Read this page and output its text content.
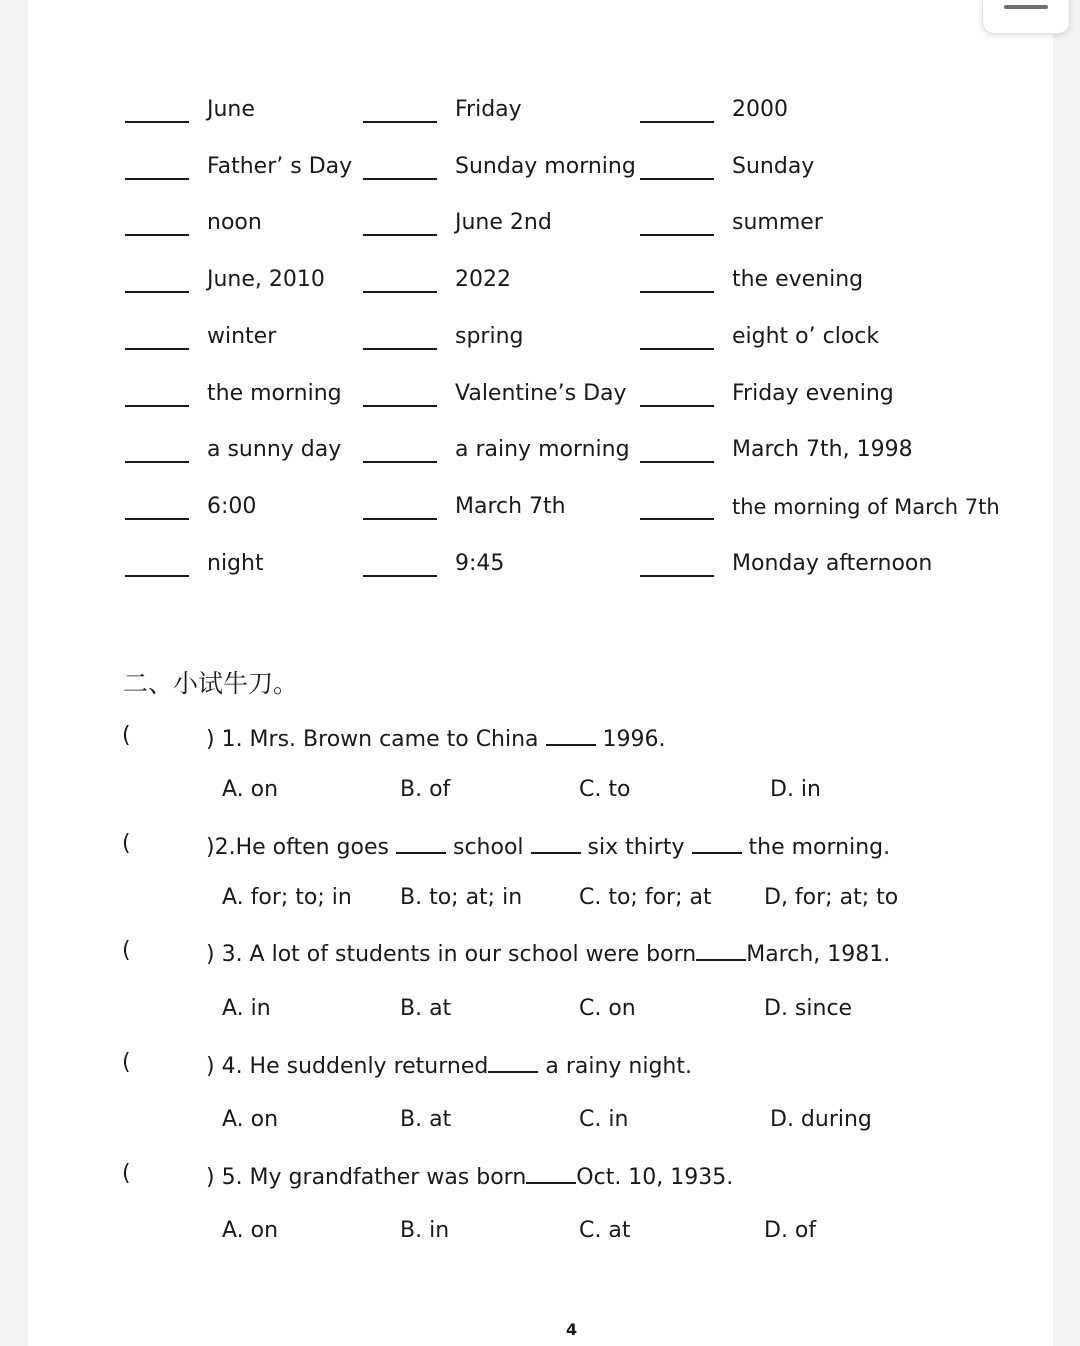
June	Friday	2000
Father’ s Day	Sunday morning	Sunday
noon	June 2nd	summer
June, 2010	2022	the evening
winter	spring	eight o’ clock
the morning	Valentine’s Day	Friday evening
a sunny day	a rainy morning	March 7th, 1998
6:00	March 7th	the morning of March 7th
night	9:45	Monday afternoon
二、小试牛刀。
(	) 1. Mrs. Brown came to China	1996.
A. on	B. of	C. to	D. in
(	)2.He often goes	school	six thirty	the morning.
A. for; to; in B. to; at; in	C. to; for; at D, for; at; to
(	) 3. A lot of students in our school were born March, 1981.
A. in	B. at	C. on	D. since
(	) 4. He suddenly returned	a rainy night.
A. on	B. at	C. in	D. during
(	) 5. My grandfather was born Oct. 10, 1935.
A. on	B. in	C. at	D. of
4
